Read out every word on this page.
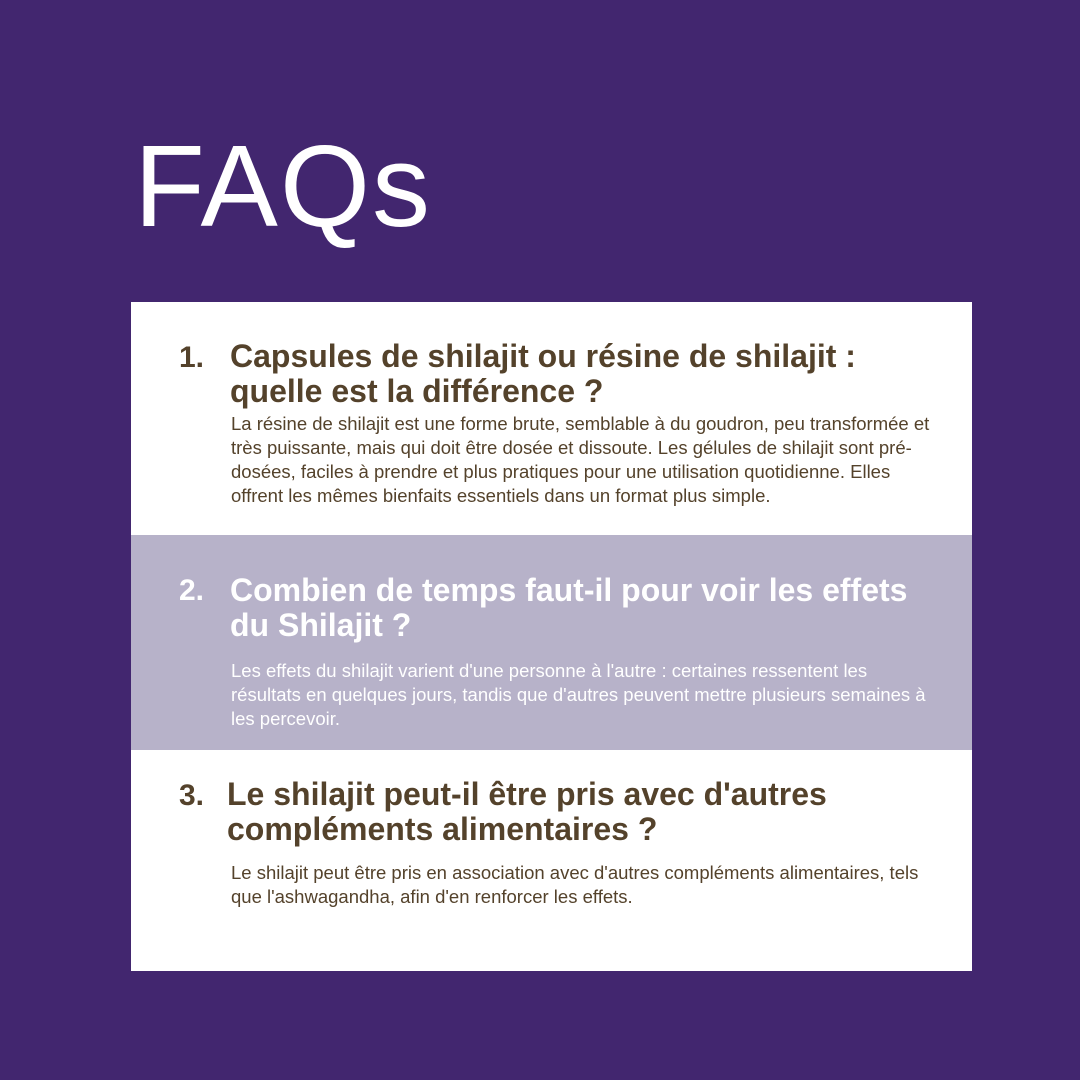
FAQs
1. Capsules de shilajit ou résine de shilajit : quelle est la différence ?

La résine de shilajit est une forme brute, semblable à du goudron, peu transformée et très puissante, mais qui doit être dosée et dissoute. Les gélules de shilajit sont pré-dosées, faciles à prendre et plus pratiques pour une utilisation quotidienne. Elles offrent les mêmes bienfaits essentiels dans un format plus simple.

2. Combien de temps faut-il pour voir les effets du Shilajit ?

Les effets du shilajit varient d'une personne à l'autre : certaines ressentent les résultats en quelques jours, tandis que d'autres peuvent mettre plusieurs semaines à les percevoir.

3. Le shilajit peut-il être pris avec d'autres compléments alimentaires ?

Le shilajit peut être pris en association avec d'autres compléments alimentaires, tels que l'ashwagandha, afin d'en renforcer les effets.
